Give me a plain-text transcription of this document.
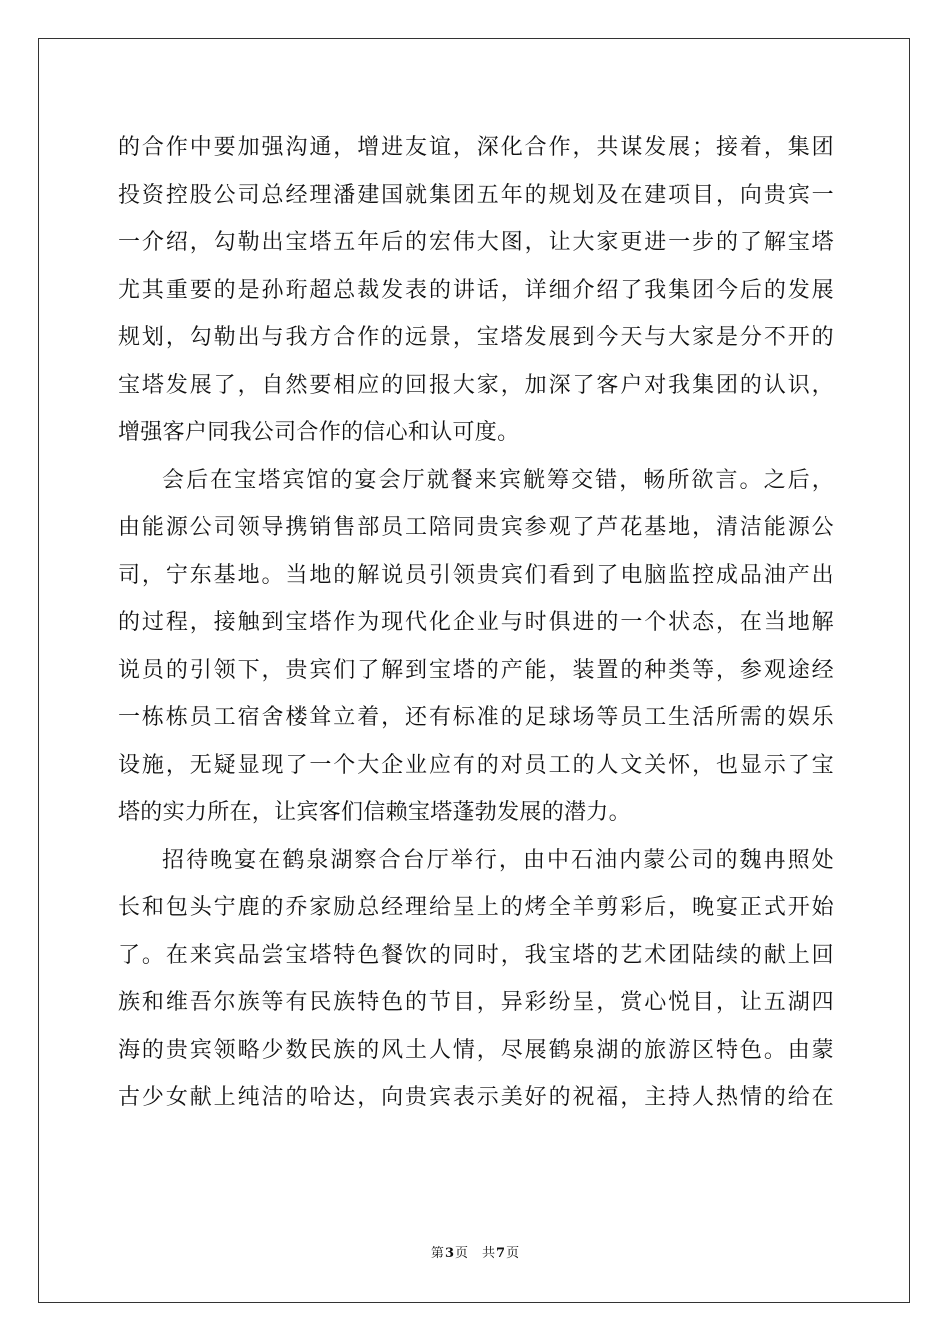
的合作中要加强沟通，增进友谊，深化合作，共谋发展；接着，集团
投资控股公司总经理潘建国就集团五年的规划及在建项目，向贵宾一
一介绍，勾勒出宝塔五年后的宏伟大图，让大家更进一步的了解宝塔
尤其重要的是孙珩超总裁发表的讲话，详细介绍了我集团今后的发展
规划，勾勒出与我方合作的远景，宝塔发展到今天与大家是分不开的
宝塔发展了，自然要相应的回报大家，加深了客户对我集团的认识，
增强客户同我公司合作的信心和认可度。
会后在宝塔宾馆的宴会厅就餐来宾觥筹交错，畅所欲言。之后，
由能源公司领导携销售部员工陪同贵宾参观了芦花基地，清洁能源公
司，宁东基地。当地的解说员引领贵宾们看到了电脑监控成品油产出
的过程，接触到宝塔作为现代化企业与时俱进的一个状态，在当地解
说员的引领下，贵宾们了解到宝塔的产能，装置的种类等，参观途经
一栋栋员工宿舍楼耸立着，还有标准的足球场等员工生活所需的娱乐
设施，无疑显现了一个大企业应有的对员工的人文关怀，也显示了宝
塔的实力所在，让宾客们信赖宝塔蓬勃发展的潜力。
招待晚宴在鹤泉湖察合台厅举行，由中石油内蒙公司的魏冉照处
长和包头宁鹿的乔家励总经理给呈上的烤全羊剪彩后，晚宴正式开始
了。在来宾品尝宝塔特色餐饮的同时，我宝塔的艺术团陆续的献上回
族和维吾尔族等有民族特色的节目，异彩纷呈，赏心悦目，让五湖四
海的贵宾领略少数民族的风土人情，尽展鹤泉湖的旅游区特色。由蒙
古少女献上纯洁的哈达，向贵宾表示美好的祝福，主持人热情的给在
第3页 共7页
